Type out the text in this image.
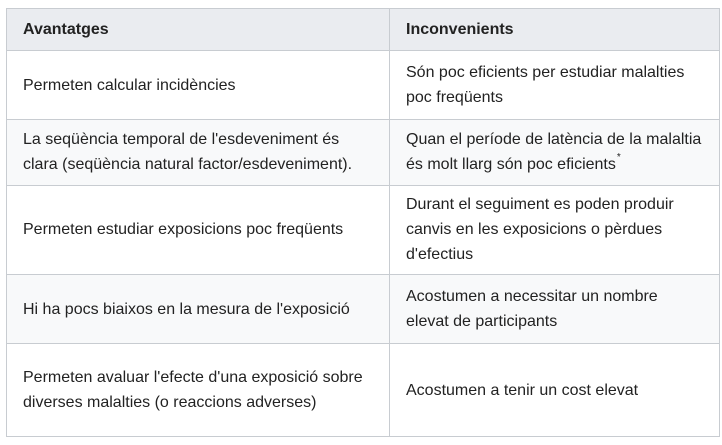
Avantatges	Inconvenients
Permeten calcular incidències	Són poc eficients per estudiar malalties poc freqüents
La seqüència temporal de l'esdeveniment és clara (seqüència natural factor/esdeveniment).	Quan el període de latència de la malaltia és molt llarg són poc eficients*
Permeten estudiar exposicions poc freqüents	Durant el seguiment es poden produir canvis en les exposicions o pèrdues d'efectius
Hi ha pocs biaixos en la mesura de l'exposició	Acostumen a necessitar un nombre elevat de participants
Permeten avaluar l'efecte d'una exposició sobre diverses malalties (o reaccions adverses)	Acostumen a tenir un cost elevat
